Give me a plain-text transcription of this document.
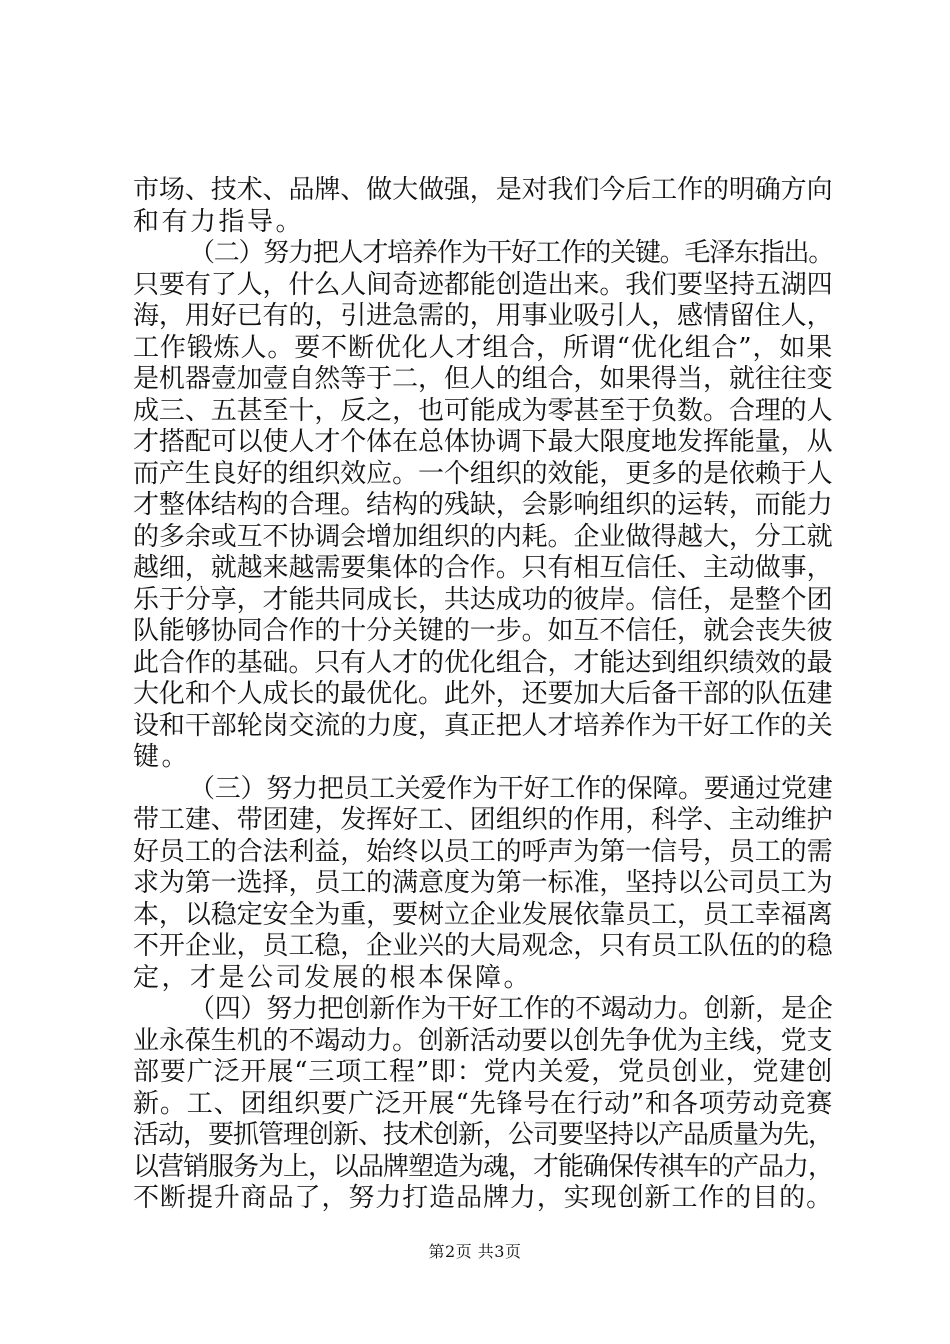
市场、技术、品牌、做大做强，是对我们今后工作的明确方向
和有力指导。
（二）努力把人才培养作为干好工作的关键。毛泽东指出。
只要有了人，什么人间奇迹都能创造出来。我们要坚持五湖四
海，用好已有的，引进急需的，用事业吸引人，感情留住人，
工作锻炼人。要不断优化人才组合，所谓“优化组合”，如果
是机器壹加壹自然等于二，但人的组合，如果得当，就往往变
成三、五甚至十，反之，也可能成为零甚至于负数。合理的人
才搭配可以使人才个体在总体协调下最大限度地发挥能量，从
而产生良好的组织效应。一个组织的效能，更多的是依赖于人
才整体结构的合理。结构的残缺，会影响组织的运转，而能力
的多余或互不协调会增加组织的内耗。企业做得越大，分工就
越细，就越来越需要集体的合作。只有相互信任、主动做事，
乐于分享，才能共同成长，共达成功的彼岸。信任，是整个团
队能够协同合作的十分关键的一步。如互不信任，就会丧失彼
此合作的基础。只有人才的优化组合，才能达到组织绩效的最
大化和个人成长的最优化。此外，还要加大后备干部的队伍建
设和干部轮岗交流的力度，真正把人才培养作为干好工作的关
键。
（三）努力把员工关爱作为干好工作的保障。要通过党建
带工建、带团建，发挥好工、团组织的作用，科学、主动维护
好员工的合法利益，始终以员工的呼声为第一信号，员工的需
求为第一选择，员工的满意度为第一标准，坚持以公司员工为
本，以稳定安全为重，要树立企业发展依靠员工，员工幸福离
不开企业，员工稳，企业兴的大局观念，只有员工队伍的的稳
定，才是公司发展的根本保障。
（四）努力把创新作为干好工作的不竭动力。创新，是企
业永葆生机的不竭动力。创新活动要以创先争优为主线，党支
部要广泛开展“三项工程”即：党内关爱，党员创业，党建创
新。工、团组织要广泛开展“先锋号在行动”和各项劳动竞赛
活动，要抓管理创新、技术创新，公司要坚持以产品质量为先，
以营销服务为上，以品牌塑造为魂，才能确保传祺车的产品力，
不断提升商品了，努力打造品牌力，实现创新工作的目的。
第2页 共3页
